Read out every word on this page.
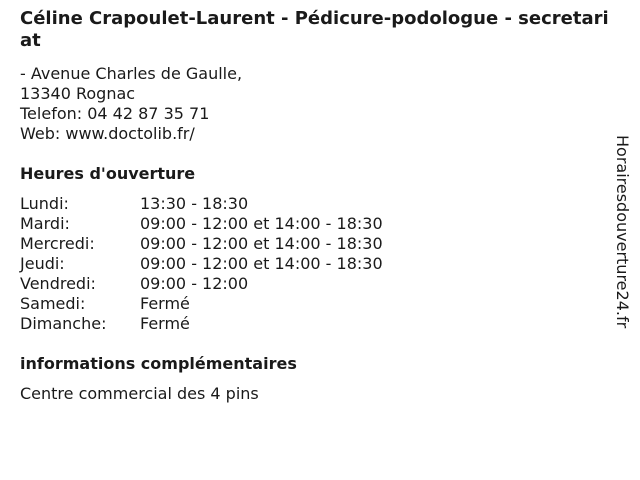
Céline Crapoulet-Laurent - Pédicure-podologue - secretariat
- Avenue Charles de Gaulle,
13340 Rognac
Telefon: 04 42 87 35 71
Web: www.doctolib.fr/
Heures d'ouverture
Lundi:	13:30 - 18:30
Mardi:	09:00 - 12:00 et 14:00 - 18:30
Mercredi:	09:00 - 12:00 et 14:00 - 18:30
Jeudi:	09:00 - 12:00 et 14:00 - 18:30
Vendredi:	09:00 - 12:00
Samedi:	Fermé
Dimanche:	Fermé
informations complémentaires
Centre commercial des 4 pins
Horairesdouverture24.fr
